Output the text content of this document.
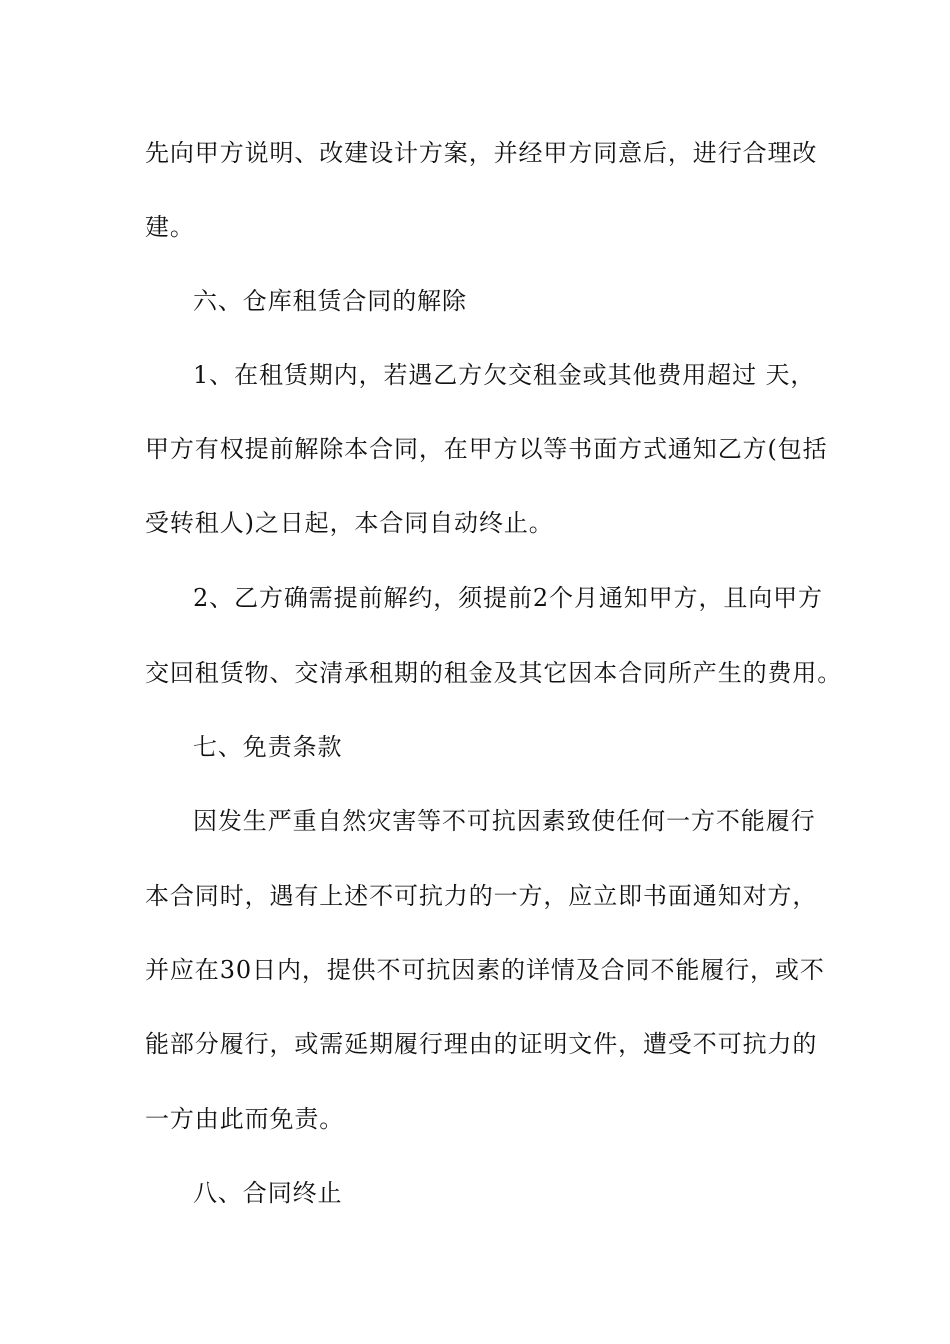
先向甲方说明、改建设计方案，并经甲方同意后，进行合理改
建。
六、仓库租赁合同的解除
1、在租赁期内，若遇乙方欠交租金或其他费用超过 天，
甲方有权提前解除本合同，在甲方以等书面方式通知乙方(包括
受转租人)之日起，本合同自动终止。
2、乙方确需提前解约，须提前2个月通知甲方，且向甲方
交回租赁物、交清承租期的租金及其它因本合同所产生的费用。
七、免责条款
因发生严重自然灾害等不可抗因素致使任何一方不能履行
本合同时，遇有上述不可抗力的一方，应立即书面通知对方，
并应在30日内，提供不可抗因素的详情及合同不能履行，或不
能部分履行，或需延期履行理由的证明文件，遭受不可抗力的
一方由此而免责。
八、合同终止
